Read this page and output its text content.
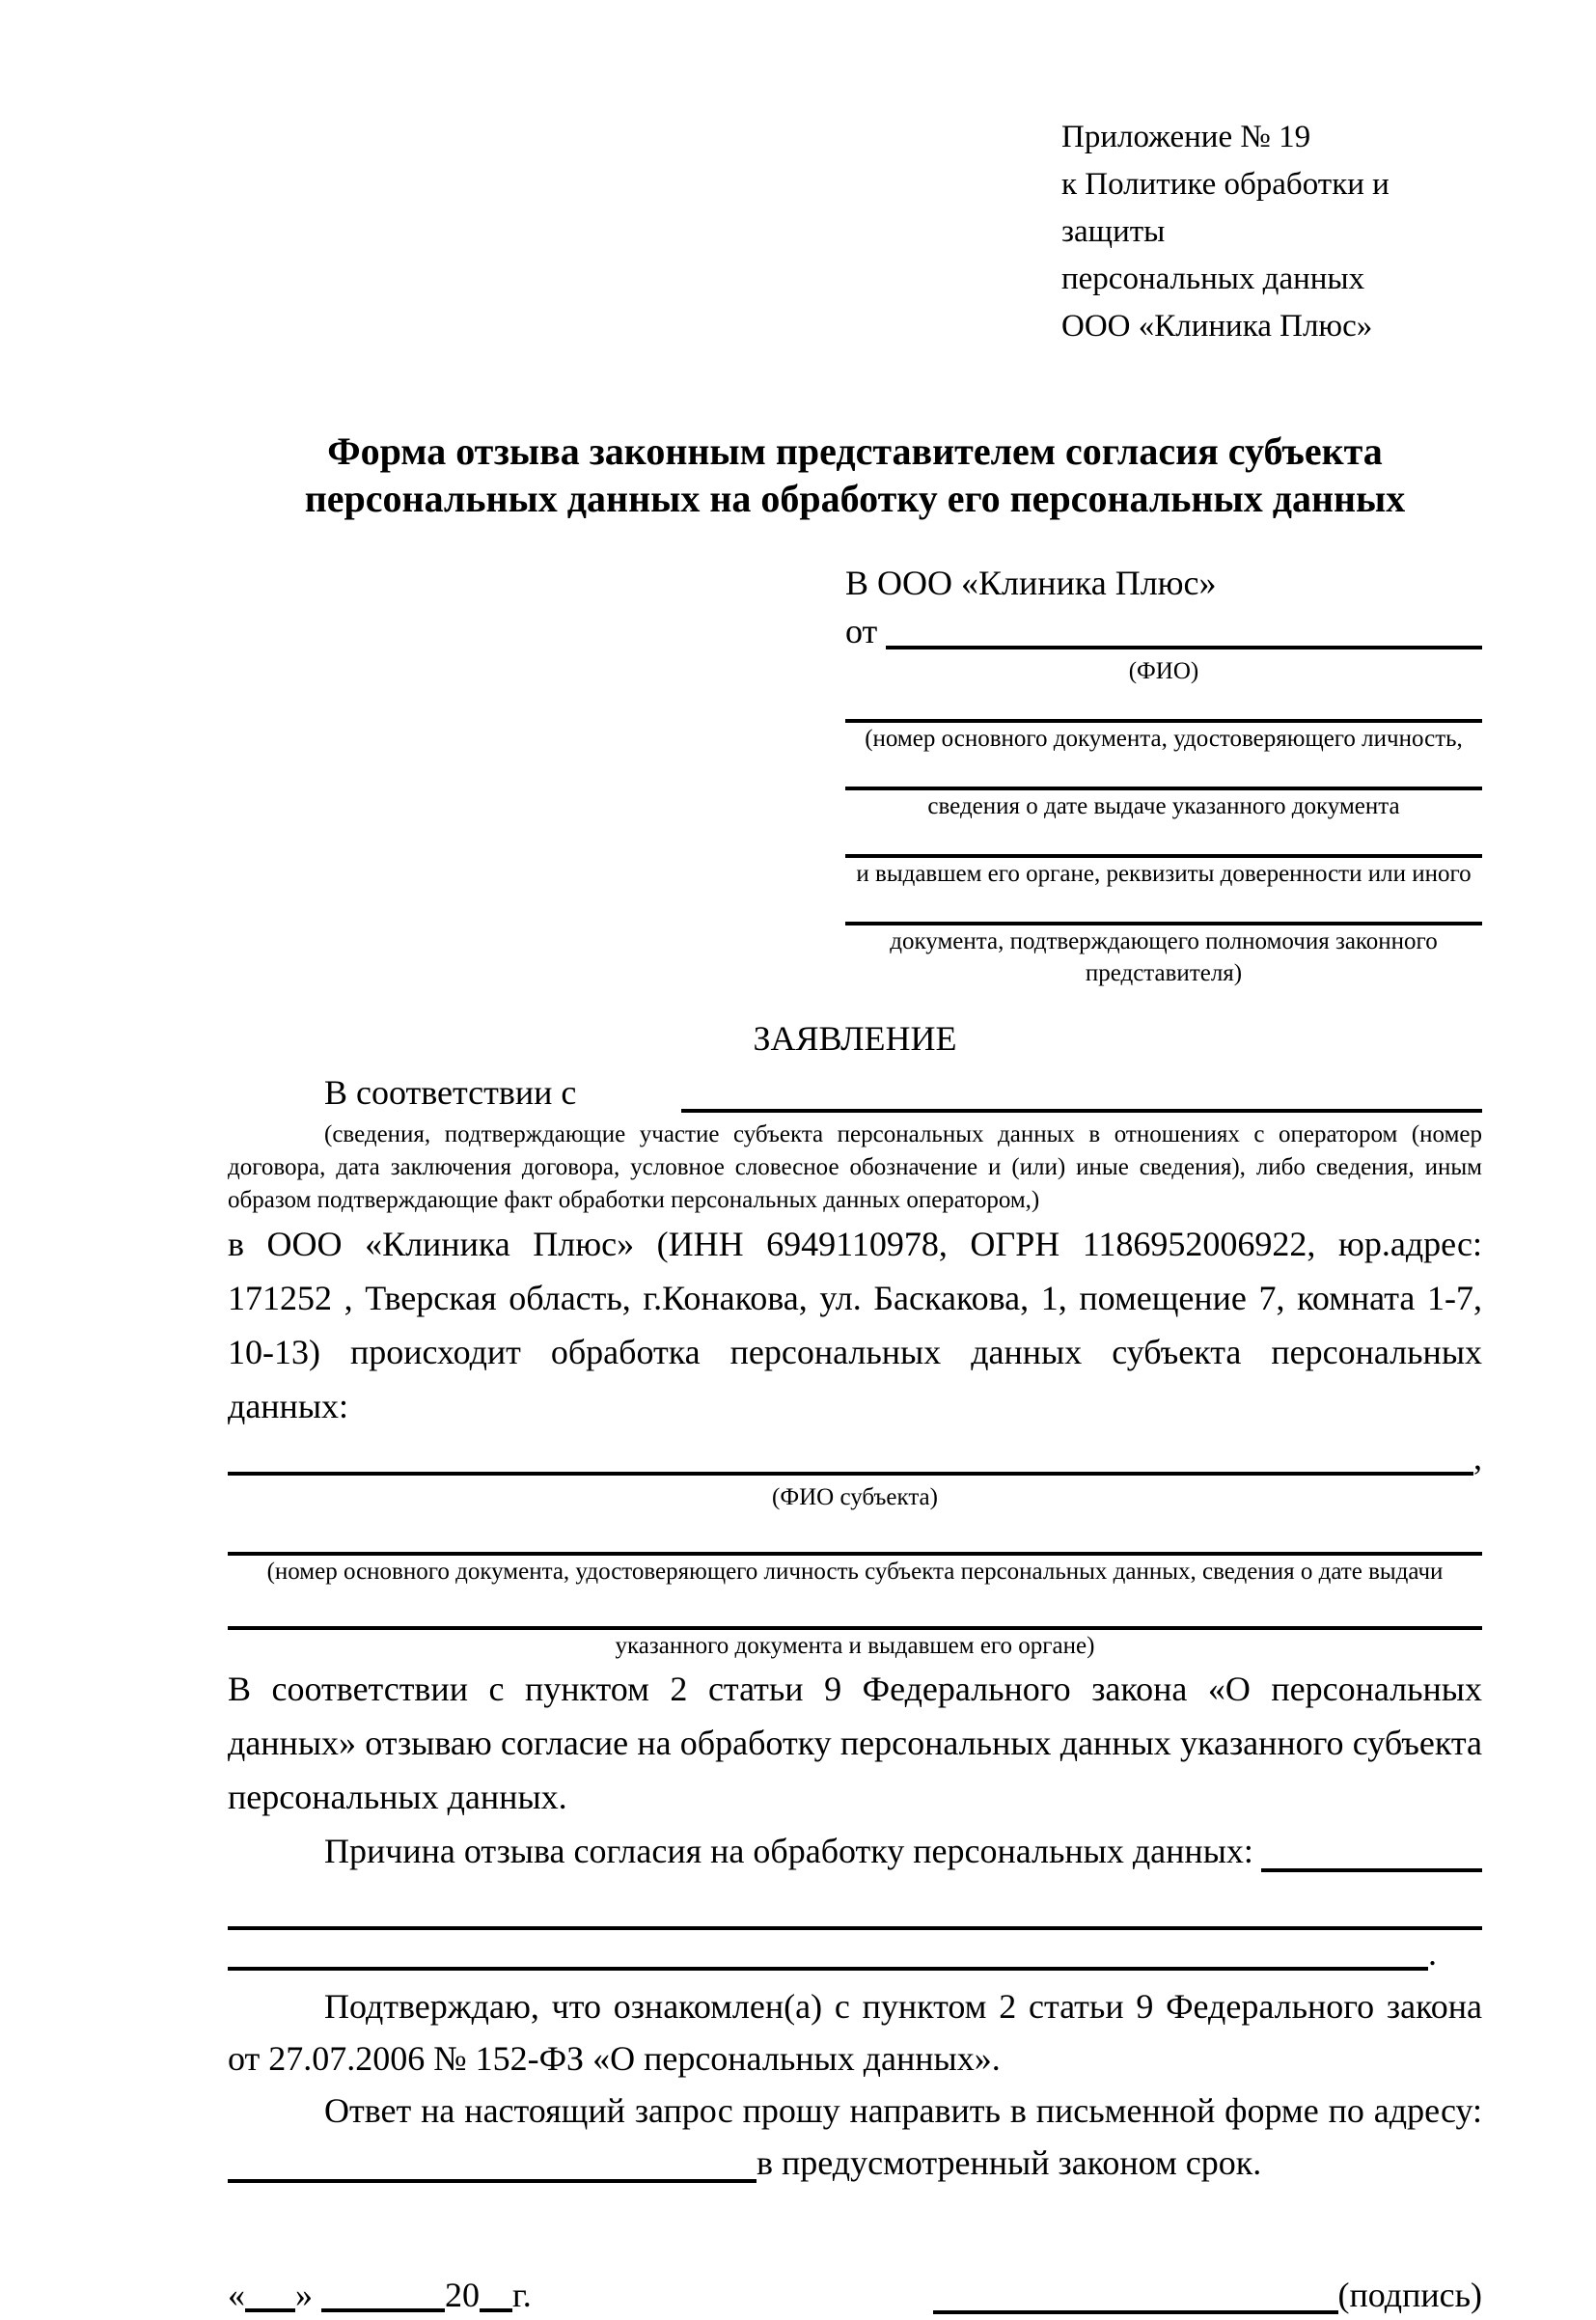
Приложение № 19
к Политике обработки и защиты
персональных данных
ООО «Клиника Плюс»
Форма отзыва законным представителем согласия субъекта персональных данных на обработку его персональных данных
В ООО «Клиника Плюс»
от

(ФИО)
(номер основного документа, удостоверяющего личность,
сведения о дате выдаче указанного документа
и выдавшем его органе, реквизиты доверенности или иного
документа, подтверждающего полномочия законного представителя)
ЗАЯВЛЕНИЕ
В соответствии с

(сведения, подтверждающие участие субъекта персональных данных в отношениях с оператором (номер договора, дата заключения договора, условное словесное обозначение и (или) иные сведения), либо сведения, иным образом подтверждающие факт обработки персональных данных оператором,)
в ООО «Клиника Плюс» (ИНН 6949110978, ОГРН 1186952006922, юр.адрес: 171252 , Тверская область, г.Конакова, ул. Баскакова, 1, помещение 7, комната 1-7, 10-13) происходит обработка персональных данных субъекта персональных данных:
,
(ФИО субъекта)
(номер основного документа, удостоверяющего личность субъекта персональных данных, сведения о дате выдачи
указанного документа и выдавшем его органе)
В соответствии с пунктом 2 статьи 9 Федерального закона «О персональных данных» отзываю согласие на обработку персональных данных указанного субъекта персональных данных.
Причина отзыва согласия на обработку персональных данных:
.
Подтверждаю, что ознакомлен(а) с пунктом 2 статьи 9 Федерального закона от 27.07.2006 № 152-ФЗ «О персональных данных».
Ответ на настоящий запрос прошу направить в письменной форме по адресу:
в предусмотренный законом срок.
« »	20 г.	(подпись)
